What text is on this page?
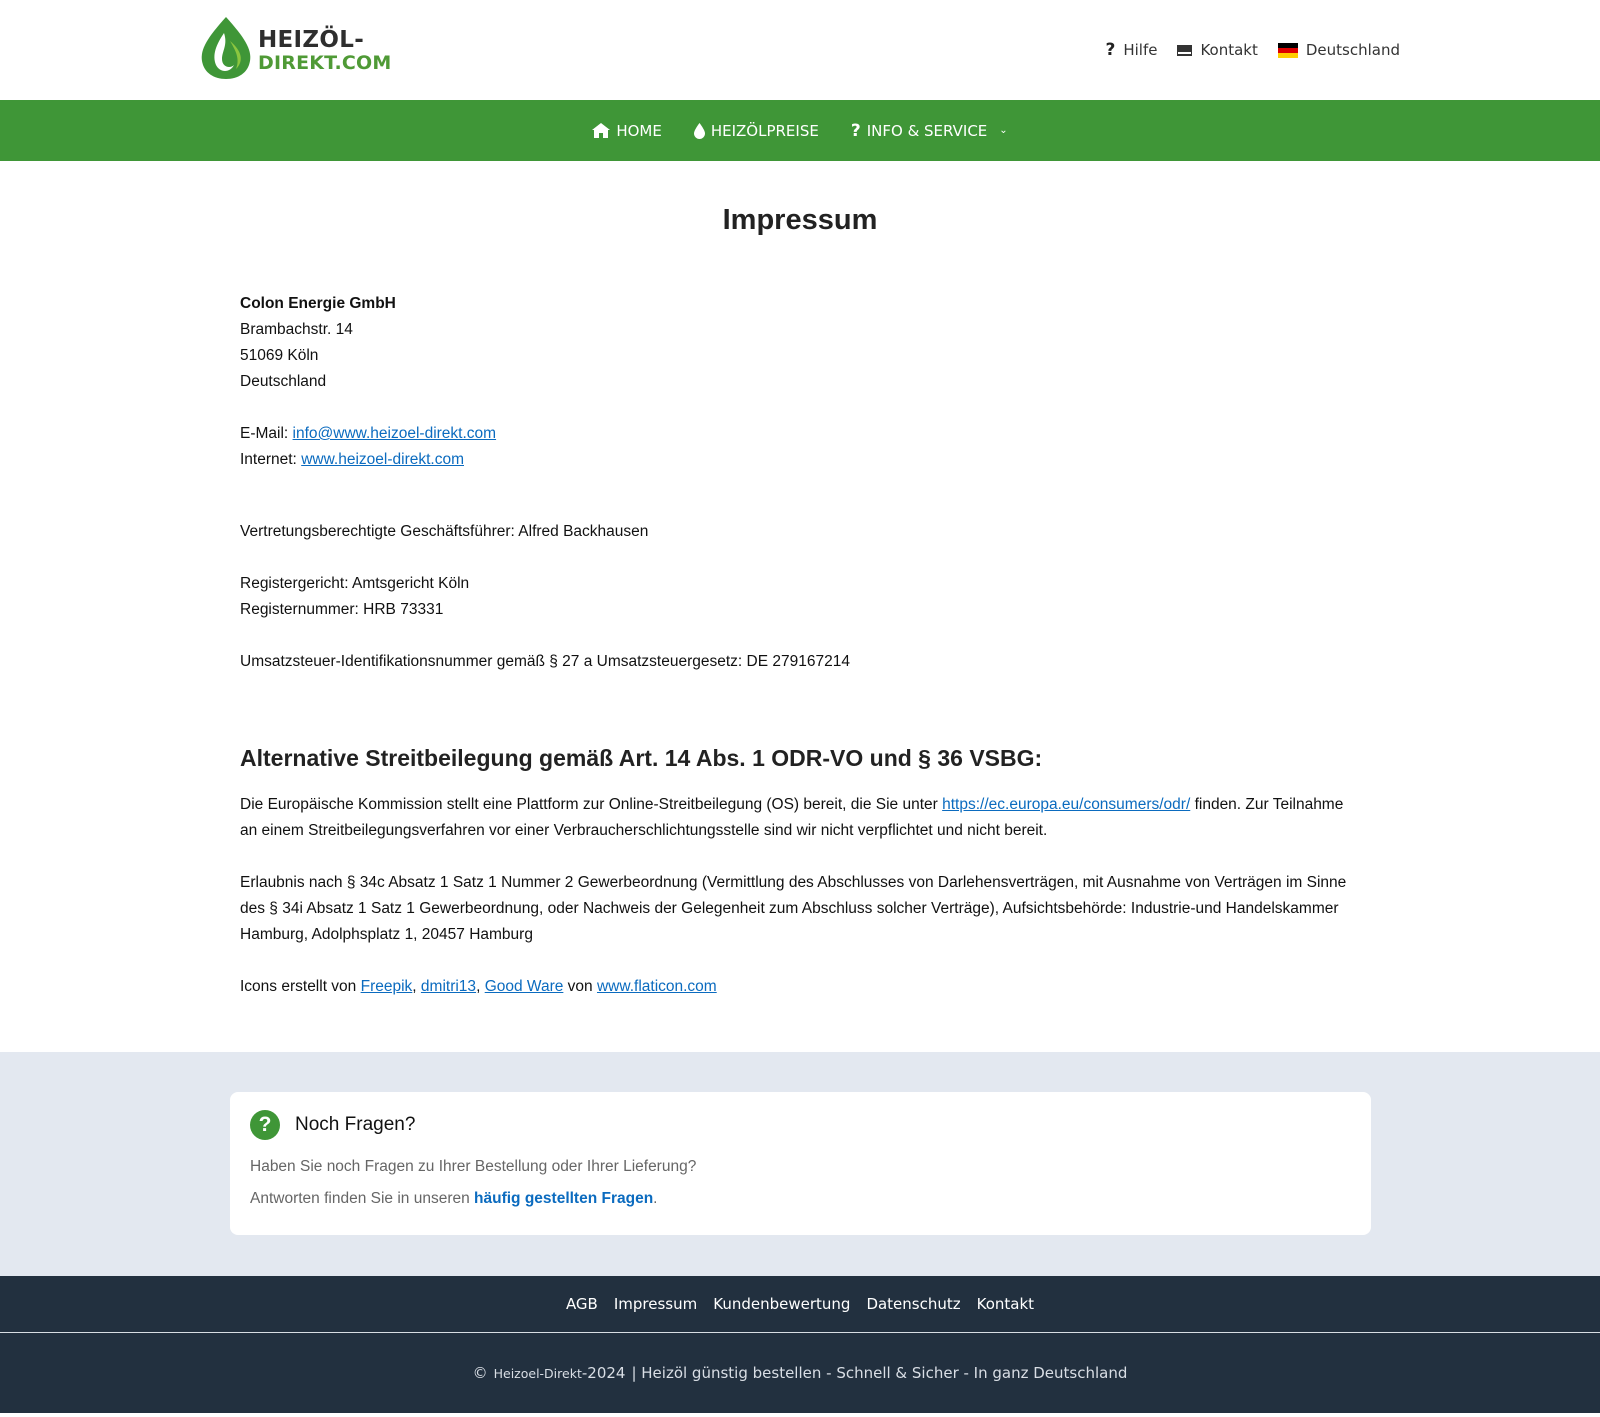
HEIZÖL-
DIREKT.COM
? Hilfe	Kontakt	Deutschland
HOME	HEIZÖLPREISE ? INFO & SERVICE ⌄
Impressum
Colon Energie GmbH
Brambachstr. 14
51069 Köln
Deutschland
E-Mail: info@www.heizoel-direkt.com
Internet: www.heizoel-direkt.com
Vertretungsberechtigte Geschäftsführer: Alfred Backhausen
Registergericht: Amtsgericht Köln
Registernummer: HRB 73331
Umsatzsteuer-Identifikationsnummer gemäß § 27 a Umsatzsteuergesetz: DE 279167214
Alternative Streitbeilegung gemäß Art. 14 Abs. 1 ODR-VO und § 36 VSBG:

Die Europäische Kommission stellt eine Plattform zur Online-Streitbeilegung (OS) bereit, die Sie unter https://ec.europa.eu/consumers/odr/ finden. Zur Teilnahme an einem Streitbeilegungsverfahren vor einer Verbraucherschlichtungsstelle sind wir nicht verpflichtet und nicht bereit.

Erlaubnis nach § 34c Absatz 1 Satz 1 Nummer 2 Gewerbeordnung (Vermittlung des Abschlusses von Darlehensverträgen, mit Ausnahme von Verträgen im Sinne des § 34i Absatz 1 Satz 1 Gewerbeordnung, oder Nachweis der Gelegenheit zum Abschluss solcher Verträge), Aufsichtsbehörde: Industrie-und Handelskammer Hamburg, Adolphsplatz 1, 20457 Hamburg

Icons erstellt von Freepik, dmitri13, Good Ware von www.flaticon.com

?	Noch Fragen?
Haben Sie noch Fragen zu Ihrer Bestellung oder Ihrer Lieferung?
Antworten finden Sie in unseren häufig gestellten Fragen.
AGB Impressum Kundenbewertung Datenschutz Kontakt
© Heizoel-Direkt -2024 | Heizöl günstig bestellen - Schnell & Sicher - In ganz Deutschland
